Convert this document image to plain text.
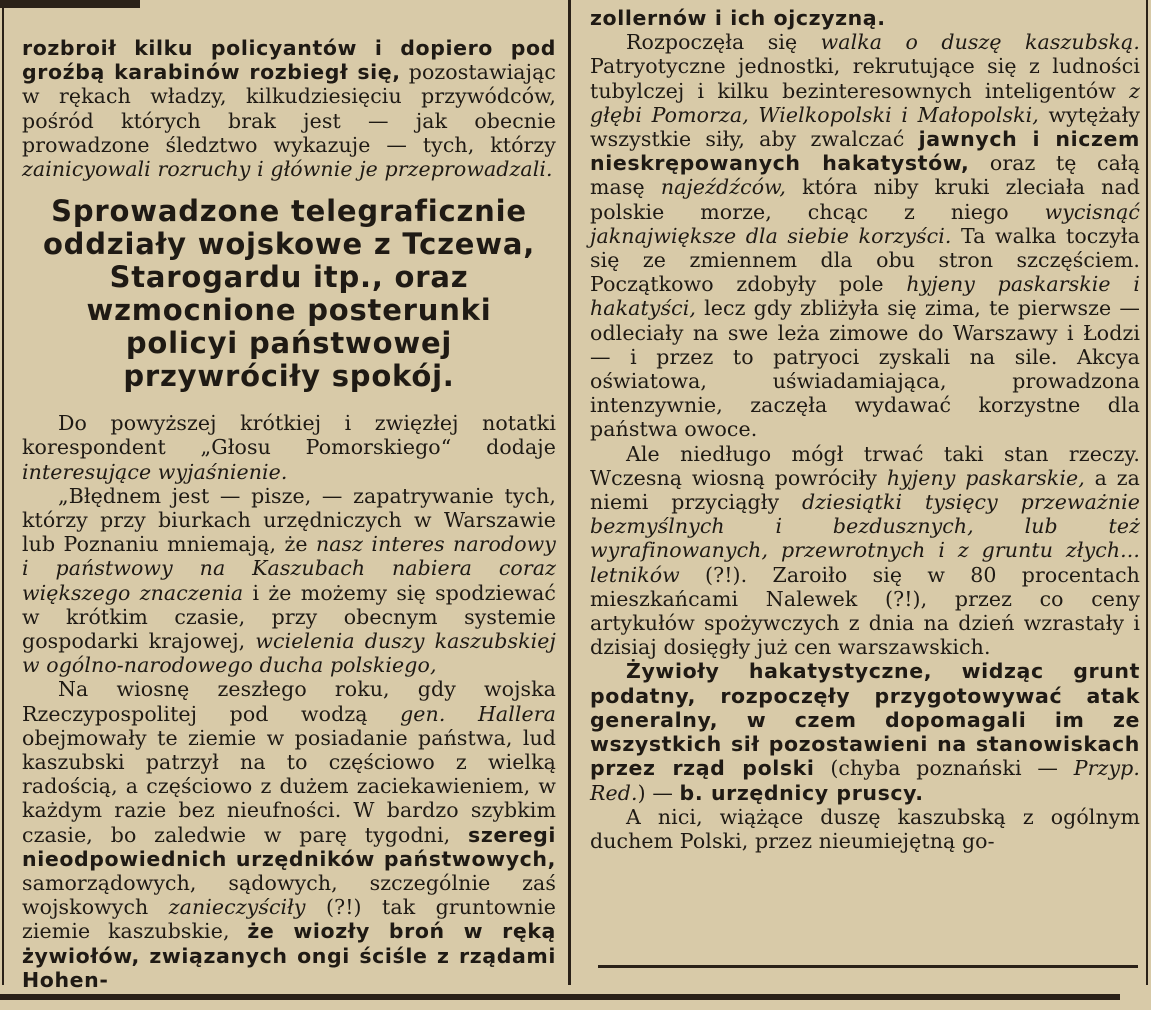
rozbroił kilku policyantów i dopiero pod groźbą karabinów rozbiegł się, pozostawiając w rękach władzy, kilkudziesięciu przywódców, pośród których brak jest — jak obecnie prowadzone śledztwo wykazuje — tych, którzy zainicyowali rozruchy i głównie je przeprowadzali.

Sprowadzone telegraficznie oddziały wojskowe z Tczewa, Starogardu itp., oraz wzmocnione posterunki policyi państwowej przywróciły spokój.

Do powyższej krótkiej i zwięzłej notatki korespondent „Głosu Pomorskiego“ dodaje interesujące wyjaśnienie.

„Błędnem jest — pisze, — zapatrywanie tych, którzy przy biurkach urzędniczych w Warszawie lub Poznaniu mniemają, że nasz interes narodowy i państwowy na Kaszubach nabiera coraz większego znaczenia i że możemy się spodziewać w krótkim czasie, przy obecnym systemie gospodarki krajowej, wcielenia duszy kaszubskiej w ogólno-narodowego ducha polskiego,

Na wiosnę zeszłego roku, gdy wojska Rzeczypospolitej pod wodzą gen. Hallera obejmowały te ziemie w posiadanie państwa, lud kaszubski patrzył na to częściowo z wielką radością, a częściowo z dużem zaciekawieniem, w każdym razie bez nieufności. W bardzo szybkim czasie, bo zaledwie w parę tygodni, szeregi nieodpowiednich urzędników państwowych, samorządowych, sądowych, szczególnie zaś wojskowych zanieczyściły (?!) tak gruntownie ziemie kaszubskie, że wiozły broń w ręką żywiołów, związanych ongi ściśle z rządami Hohen-

zollernów i ich ojczyzną.

Rozpoczęła się walka o duszę kaszubską. Patryotyczne jednostki, rekrutujące się z ludności tubylczej i kilku bezinteresownych inteligentów z głębi Pomorza, Wielkopolski i Małopolski, wytężały wszystkie siły, aby zwalczać jawnych i niczem nieskrępowanych hakatystów, oraz tę całą masę najeźdźców, która niby kruki zleciała nad polskie morze, chcąc z niego wycisnąć jaknajwiększe dla siebie korzyści. Ta walka toczyła się ze zmiennem dla obu stron szczęściem. Początkowo zdobyły pole hyjeny paskarskie i hakatyści, lecz gdy zbliżyła się zima, te pierwsze — odleciały na swe leża zimowe do Warszawy i Łodzi — i przez to patryoci zyskali na sile. Akcya oświatowa, uświadamiająca, prowadzona intenzywnie, zaczęła wydawać korzystne dla państwa owoce.

Ale niedługo mógł trwać taki stan rzeczy. Wczesną wiosną powróciły hyjeny paskarskie, a za niemi przyciągły dziesiątki tysięcy przeważnie bezmyślnych i bezdusznych, lub też wyrafinowanych, przewrotnych i z gruntu złych... letników (?!). Zaroiło się w 80 procentach mieszkańcami Nalewek (?!), przez co ceny artykułów spożywczych z dnia na dzień wzrastały i dzisiaj dosięgły już cen warszawskich.

Żywioły hakatystyczne, widząc grunt podatny, rozpoczęły przygotowywać atak generalny, w czem dopomagali im ze wszystkich sił pozostawieni na stanowiskach przez rząd polski (chyba poznański — Przyp. Red.) — b. urzędnicy pruscy.

A nici, wiążące duszę kaszubską z ogólnym duchem Polski, przez nieumiejętną go-
